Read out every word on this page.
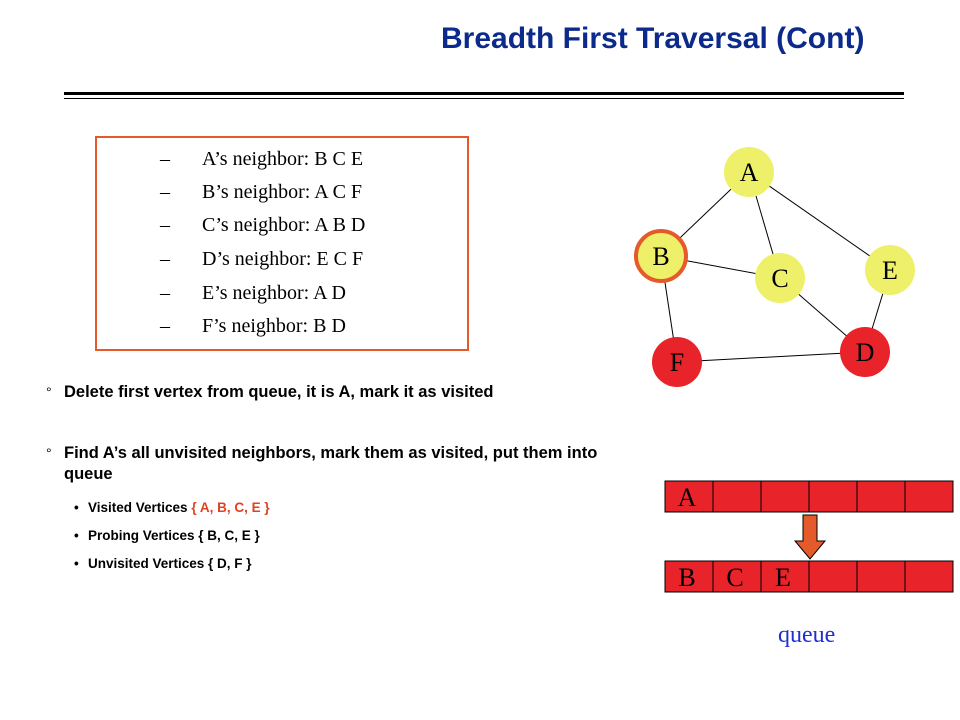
Breadth First Traversal (Cont)
– A’s neighbor: B C E
– B’s neighbor: A C F
– C’s neighbor: A B D
– D’s neighbor: E C F
– E’s neighbor: A D
– F’s neighbor: B D
° Delete first vertex from queue, it is A, mark it as visited
° Find A’s all unvisited neighbors, mark them as visited, put them into queue
• Visited Vertices { A, B, C, E }
• Probing Vertices { B, C, E }
• Unvisited Vertices { D, F }
A
B
C	E
D
F
A
B C E
queue
